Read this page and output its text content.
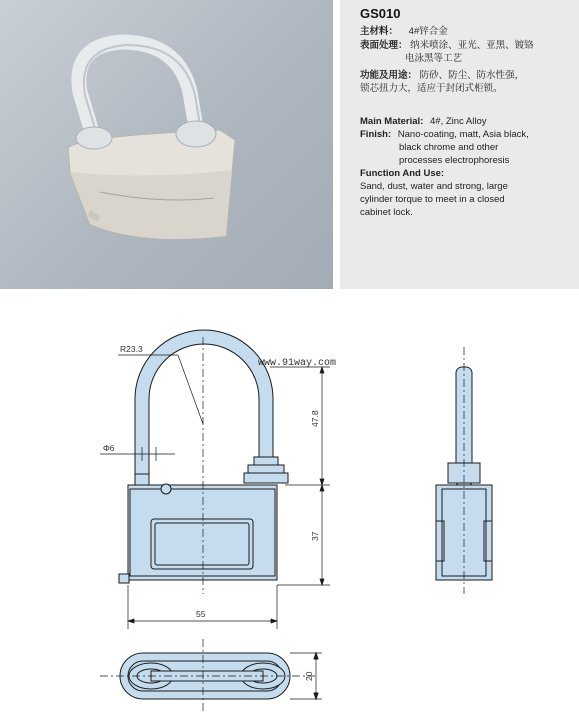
GS010
主材料： 4#锌合金
表面处理： 纳米喷涂、亚光、亚黑、镀铬
电泳黑等工艺
功能及用途： 防砂、防尘、防水性强，
锁芯扭力大，适应于封闭式柜锁。
Main Material: 4#, Zinc Alloy
Finish: Nano-coating, matt, Asia black,
black chrome and other
processes electrophoresis
Function And Use:
Sand, dust, water and strong, large
cylinder torque to meet in a closed
cabinet lock.
R23.3
Φ6
www.91way.com
47.8
37
55
20
